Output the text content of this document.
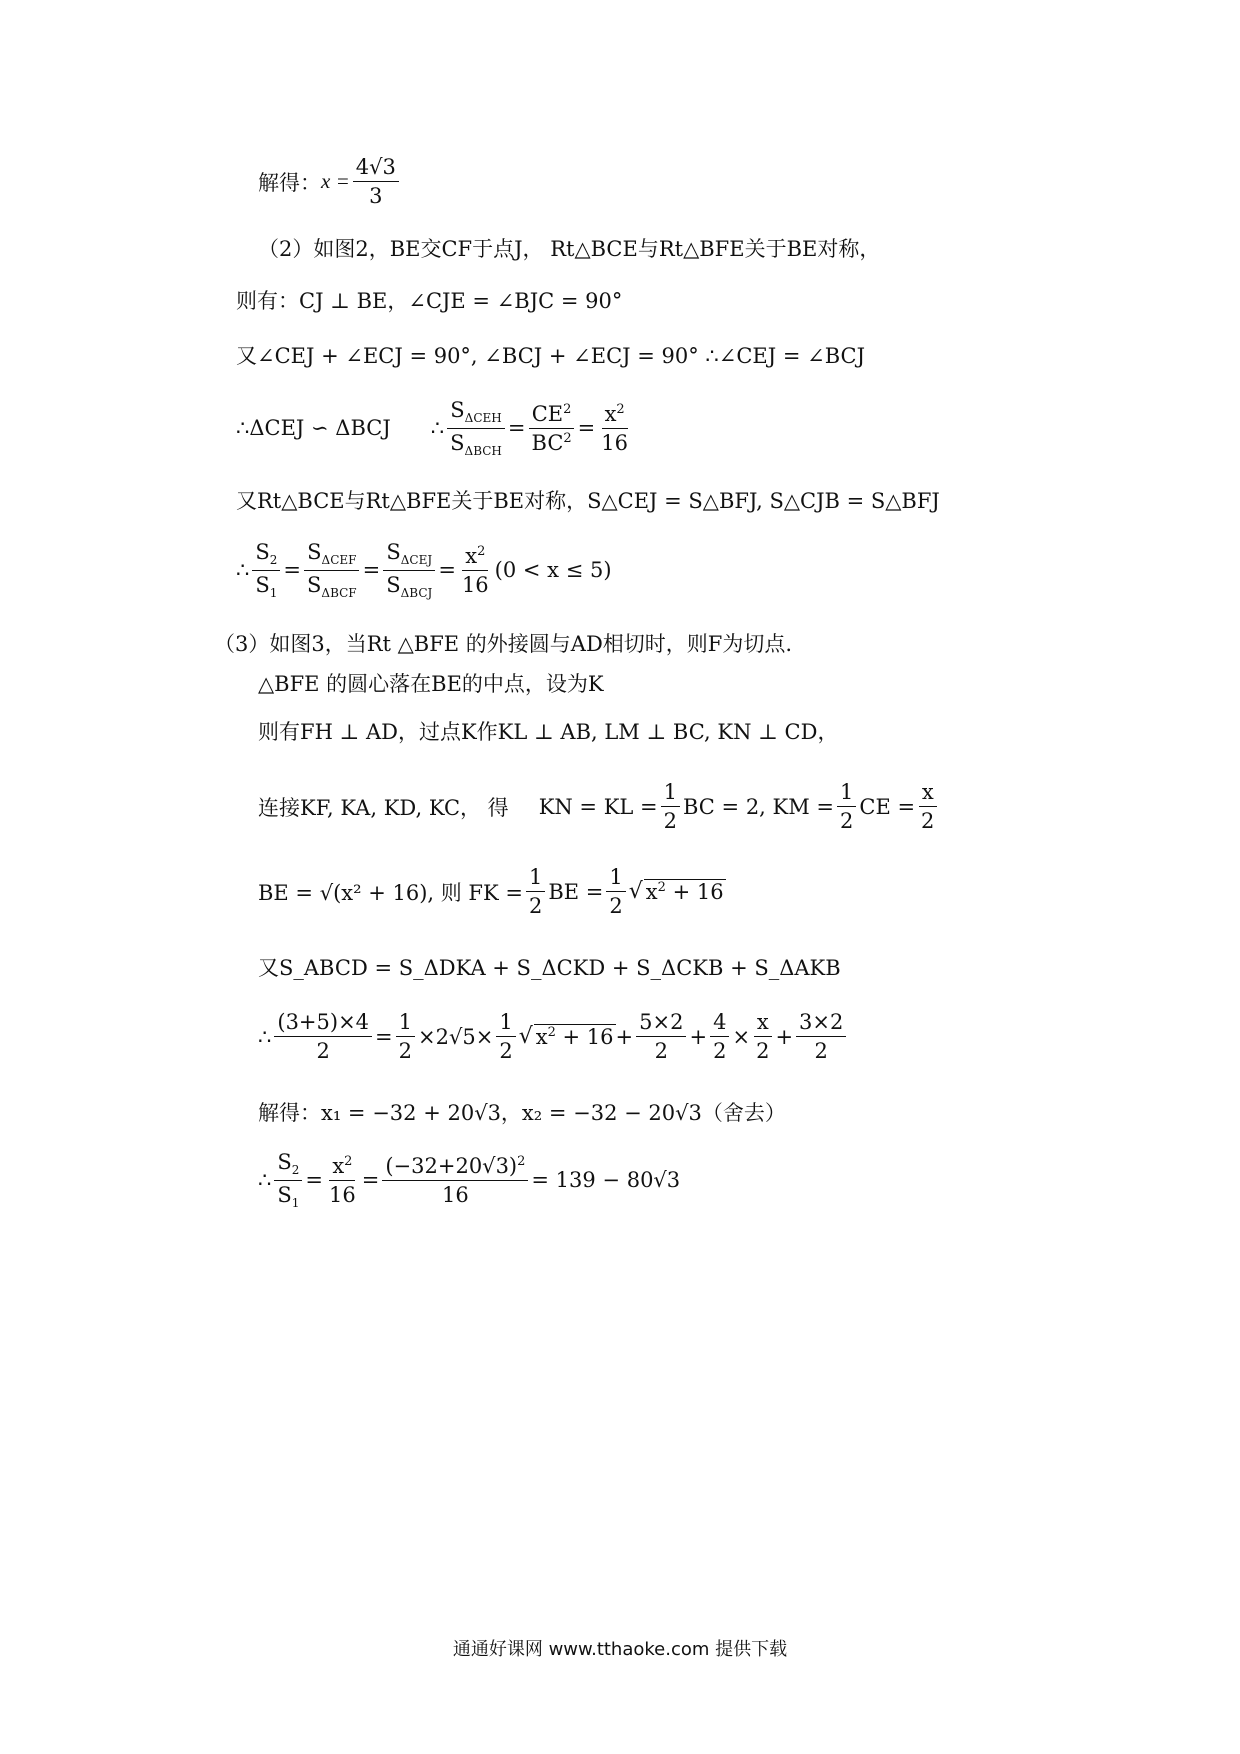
解得： $x = \frac{4√3}{3}$
（2）如图2，BE交CF于点J， Rt△BCE与Rt△BFE关于BE对称，
则有：CJ ⊥ BE，∠CJE = ∠BJC = 90°
又∠CEJ + ∠ECJ = 90°, ∠BCJ + ∠ECJ = 90° ∴∠CEJ = ∠BCJ
∴ΔCEJ ∽ ΔBCJ ∴ $\frac{S_{\Delta CEH}}{S_{\Delta BCH}} = \frac{CE^2}{BC^2} = \frac{x^2}{16}$
又Rt△BCE与Rt△BFE关于BE对称，S△CEJ = S△BFJ, S△CJB = S△BFJ
∴ $\frac{S_2}{S_1} = \frac{S_{\Delta CEF}}{S_{\Delta BCF}} = \frac{S_{\Delta CEJ}}{S_{\Delta BCJ}} = \frac{x^2}{16} (0 < x \le 5)$
（3）如图3，当Rt △BFE 的外接圆与AD相切时，则F为切点.
△BFE 的圆心落在BE的中点，设为K
则有FH ⊥ AD，过点K作KL ⊥ AB, LM ⊥ BC, KN ⊥ CD，
连接KF, KA, KD, KC， 得 KN = KL = $\frac{1}{2}$ BC = 2, KM = $\frac{1}{2}$ CE = $\frac{x}{2}$
BE = √(x² + 16), 则 FK = $\frac{1}{2}$ BE = $\frac{1}{2}$ √ $x^2 + 16$
又S_ABCD = S_ΔDKA + S_ΔCKD + S_ΔCKB + S_ΔAKB
∴ $\frac{(3+5)\times 4}{2} = \frac{1}{2} \times 2√5\times \frac{1}{2}$ √ $x^2 + 16 + \frac{5\times 2}{2} + \frac{4}{2} \times \frac{x}{2} + \frac{3\times 2}{2}$
解得：x₁ = −32 + 20√3，x₂ = −32 − 20√3（舍去）
∴ $\frac{S_2}{S_1} = \frac{x^2}{16} = \frac{(-32+20√3)^2}{16} = 139 - 80√3$
通通好课网 www.tthaoke.com 提供下载
